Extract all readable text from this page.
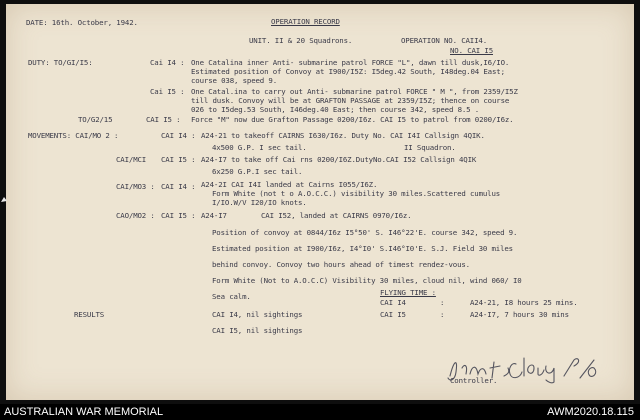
DATE: 16th. October, 1942.	OPERATION RECORD
UNIT. II & 20 Squadrons.	OPERATION NO. CAII4.
NO. CAI I5
DUTY: TO/GI/I5:	Cai I4 : One Catalina inner Anti- submarine patrol FORCE "L", dawn till dusk,I6/IO.
Estimated position of Convoy at I900/I5Z: I5deg.42 South, I48deg.04 East;
course 038, speed 9.
Cai I5 : One Catal.ina to carry out Anti- submarine patrol FORCE " M ", from 2359/I5Z
till dusk. Convoy will be at GRAFTON PASSAGE at 2359/I5Z; thence on course
026 to I5deg.53 South, I46deg.40 East; then course 342, speed 8.5 .
TO/G2/15	CAI I5 : Force "M" now due Grafton Passage 0200/I6z. CAI I5 to patrol from 0200/I6z.
MOVEMENTS: CAI/MO 2 :	CAI I4 : A24-21 to takeoff CAIRNS I630/I6z. Duty No. CAI I4I Callsign 4QIK.
4x500 G.P. I sec tail.	II Squadron.
CAI/MCI CAI I5 : A24-I7 to take off Cai rns 0200/I6Z.DutyNo.CAI I52 Callsign 4QIK
6x250 G.P.I sec tail.
CAI/MO3 : CAI I4 : A24-2I CAI I4I landed at Cairns I055/I6Z.
Form White (not t o A.O.C.C.) visibility 30 miles.Scattered cumulus
I/IO.W/V I20/IO knots.
CAO/MO2 : CAI I5 : A24-I7	CAI I52, landed at CAIRNS 0970/I6z.
Position of convoy at 0844/I6z I5°50' S. I46°22'E. course 342, speed 9.
Estimated position at I900/I6z, I4°I0' S.I46°I0'E. S.J. Field 30 miles
behind convoy. Convoy two hours ahead of timest rendez-vous.
Form White (Not to A.O.C.C) Visibility 30 miles, cloud nil, wind 060/ I0
Sea calm.
RESULTS	CAI I4, nil sightings
CAI I5, nil sightings
FLYING TIME :
CAI I4	:	A24-21, I8 hours 25 mins.
CAI I5	:	A24-I7, 7 hours 30 mins
Controller.
AUSTRALIAN WAR MEMORIAL	AWM2020.18.115
